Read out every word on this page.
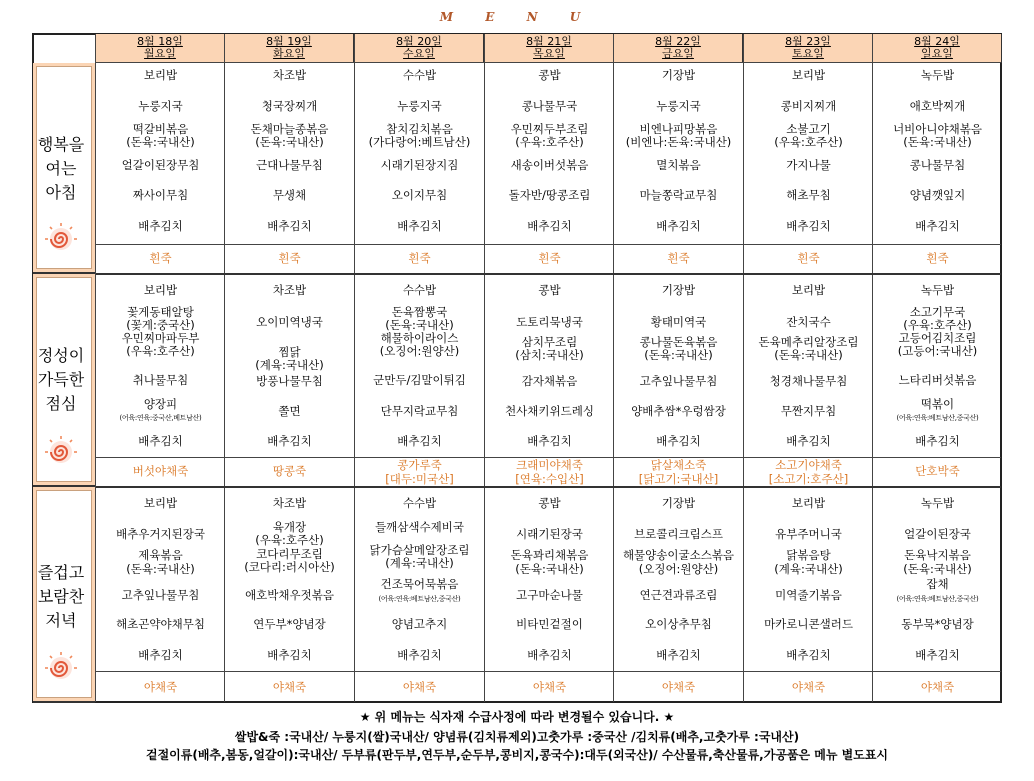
M E N U
8월 18일
월요일
8월 19일
화요일
8월 20일
수요일
8월 21일
목요일
8월 22일
금요일
8월 23일
토요일
8월 24일
일요일
행복을
여는
아침
정성이
가득한
점심
즐겁고
보람찬
저녁
보리밥
누룽지국
떡갈비볶음
(돈육:국내산)
얼갈이된장무침
짜사이무침
배추김치
흰죽
차조밥
청국장찌개
돈채마늘종볶음
(돈육:국내산)
근대나물무침
무생채
배추김치
흰죽
수수밥
누룽지국
참치김치볶음
(가다랑어:베트남산)
시래기된장지짐
오이지무침
배추김치
흰죽
콩밥
콩나물무국
우민찌두부조림
(우육:호주산)
새송이버섯볶음
돌자반/땅콩조림
배추김치
흰죽
기장밥
누룽지국
비엔나피망볶음
(비엔나:돈육:국내산)
멸치볶음
마늘쫑락교무침
배추김치
흰죽
보리밥
콩비지찌개
소불고기
(우육:호주산)
가지나물
해초무침
배추김치
흰죽
녹두밥
애호박찌개
너비아니야채볶음
(돈육:국내산)
콩나물무침
양념깻잎지
배추김치
흰죽
보리밥
꽃게동태알탕
(꽃게:중국산)
우민찌마파두부
(우육:호주산)
취나물무침
양장피
(어육:연육:중국산,베트남산)
배추김치
버섯야채죽
차조밥
오이미역냉국
찜닭
(계육:국내산)
방풍나물무침
쫄면
배추김치
땅콩죽
수수밥
돈육짬뽕국
(돈육:국내산)
해물하이라이스
(오징어:원양산)
군만두/김말이튀김
단무지락교무침
배추김치
콩가루죽
[대두:미국산]
콩밥
도토리묵냉국
삼치무조림
(삼치:국내산)
감자채볶음
천사채키위드레싱
배추김치
크래미야채죽
[연육:수입산]
기장밥
황태미역국
콩나물돈육볶음
(돈육:국내산)
고추잎나물무침
양배추쌈*우렁쌈장
배추김치
닭살채소죽
[닭고기:국내산]
보리밥
잔치국수
돈육메추리알장조림
(돈육:국내산)
청경채나물무침
무짠지무침
배추김치
소고기야채죽
[소고기:호주산]
녹두밥
소고기무국
(우육:호주산)
고등어김치조림
(고등어:국내산)
느타리버섯볶음
떡볶이
(어육:연육:베트남산,중국산)
배추김치
단호박죽
보리밥
배추우거지된장국
제육볶음
(돈육:국내산)
고추잎나물무침
해초곤약야채무침
배추김치
야채죽
차조밥
육개장
(우육:호주산)
코다리무조림
(코다리:러시아산)
애호박채우젓볶음
연두부*양념장
배추김치
야채죽
수수밥
들깨삼색수제비국
닭가슴살메알장조림
(계육:국내산)
건조묵어묵볶음
(어육:연육:베트남산,중국산)
양념고추지
배추김치
야채죽
콩밥
시래기된장국
돈육꽈리채볶음
(돈육:국내산)
고구마순나물
비타민겉절이
배추김치
야채죽
기장밥
브로콜리크림스프
해물양송이굴소스볶음
(오징어:원양산)
연근견과류조림
오이상추무침
배추김치
야채죽
보리밥
유부주머니국
닭볶음탕
(계육:국내산)
미역줄기볶음
마카로니콘샐러드
배추김치
야채죽
녹두밥
얼갈이된장국
돈육낙지볶음
(돈육:국내산)
잡채
(어육:연육:베트남산,중국산)
동부묵*양념장
배추김치
야채죽
★ 위 메뉴는 식자재 수급사정에 따라 변경될수 있습니다. ★
쌀밥&죽 :국내산/ 누룽지(쌀)국내산/ 양념류(김치류제외)고춧가루 :중국산 /김치류(배추,고춧가루 :국내산)
겉절이류(배추,봄동,얼갈이):국내산/ 두부류(판두부,연두부,순두부,콩비지,콩국수):대두(외국산)/ 수산물류,축산물류,가공품은 메뉴 별도표시
